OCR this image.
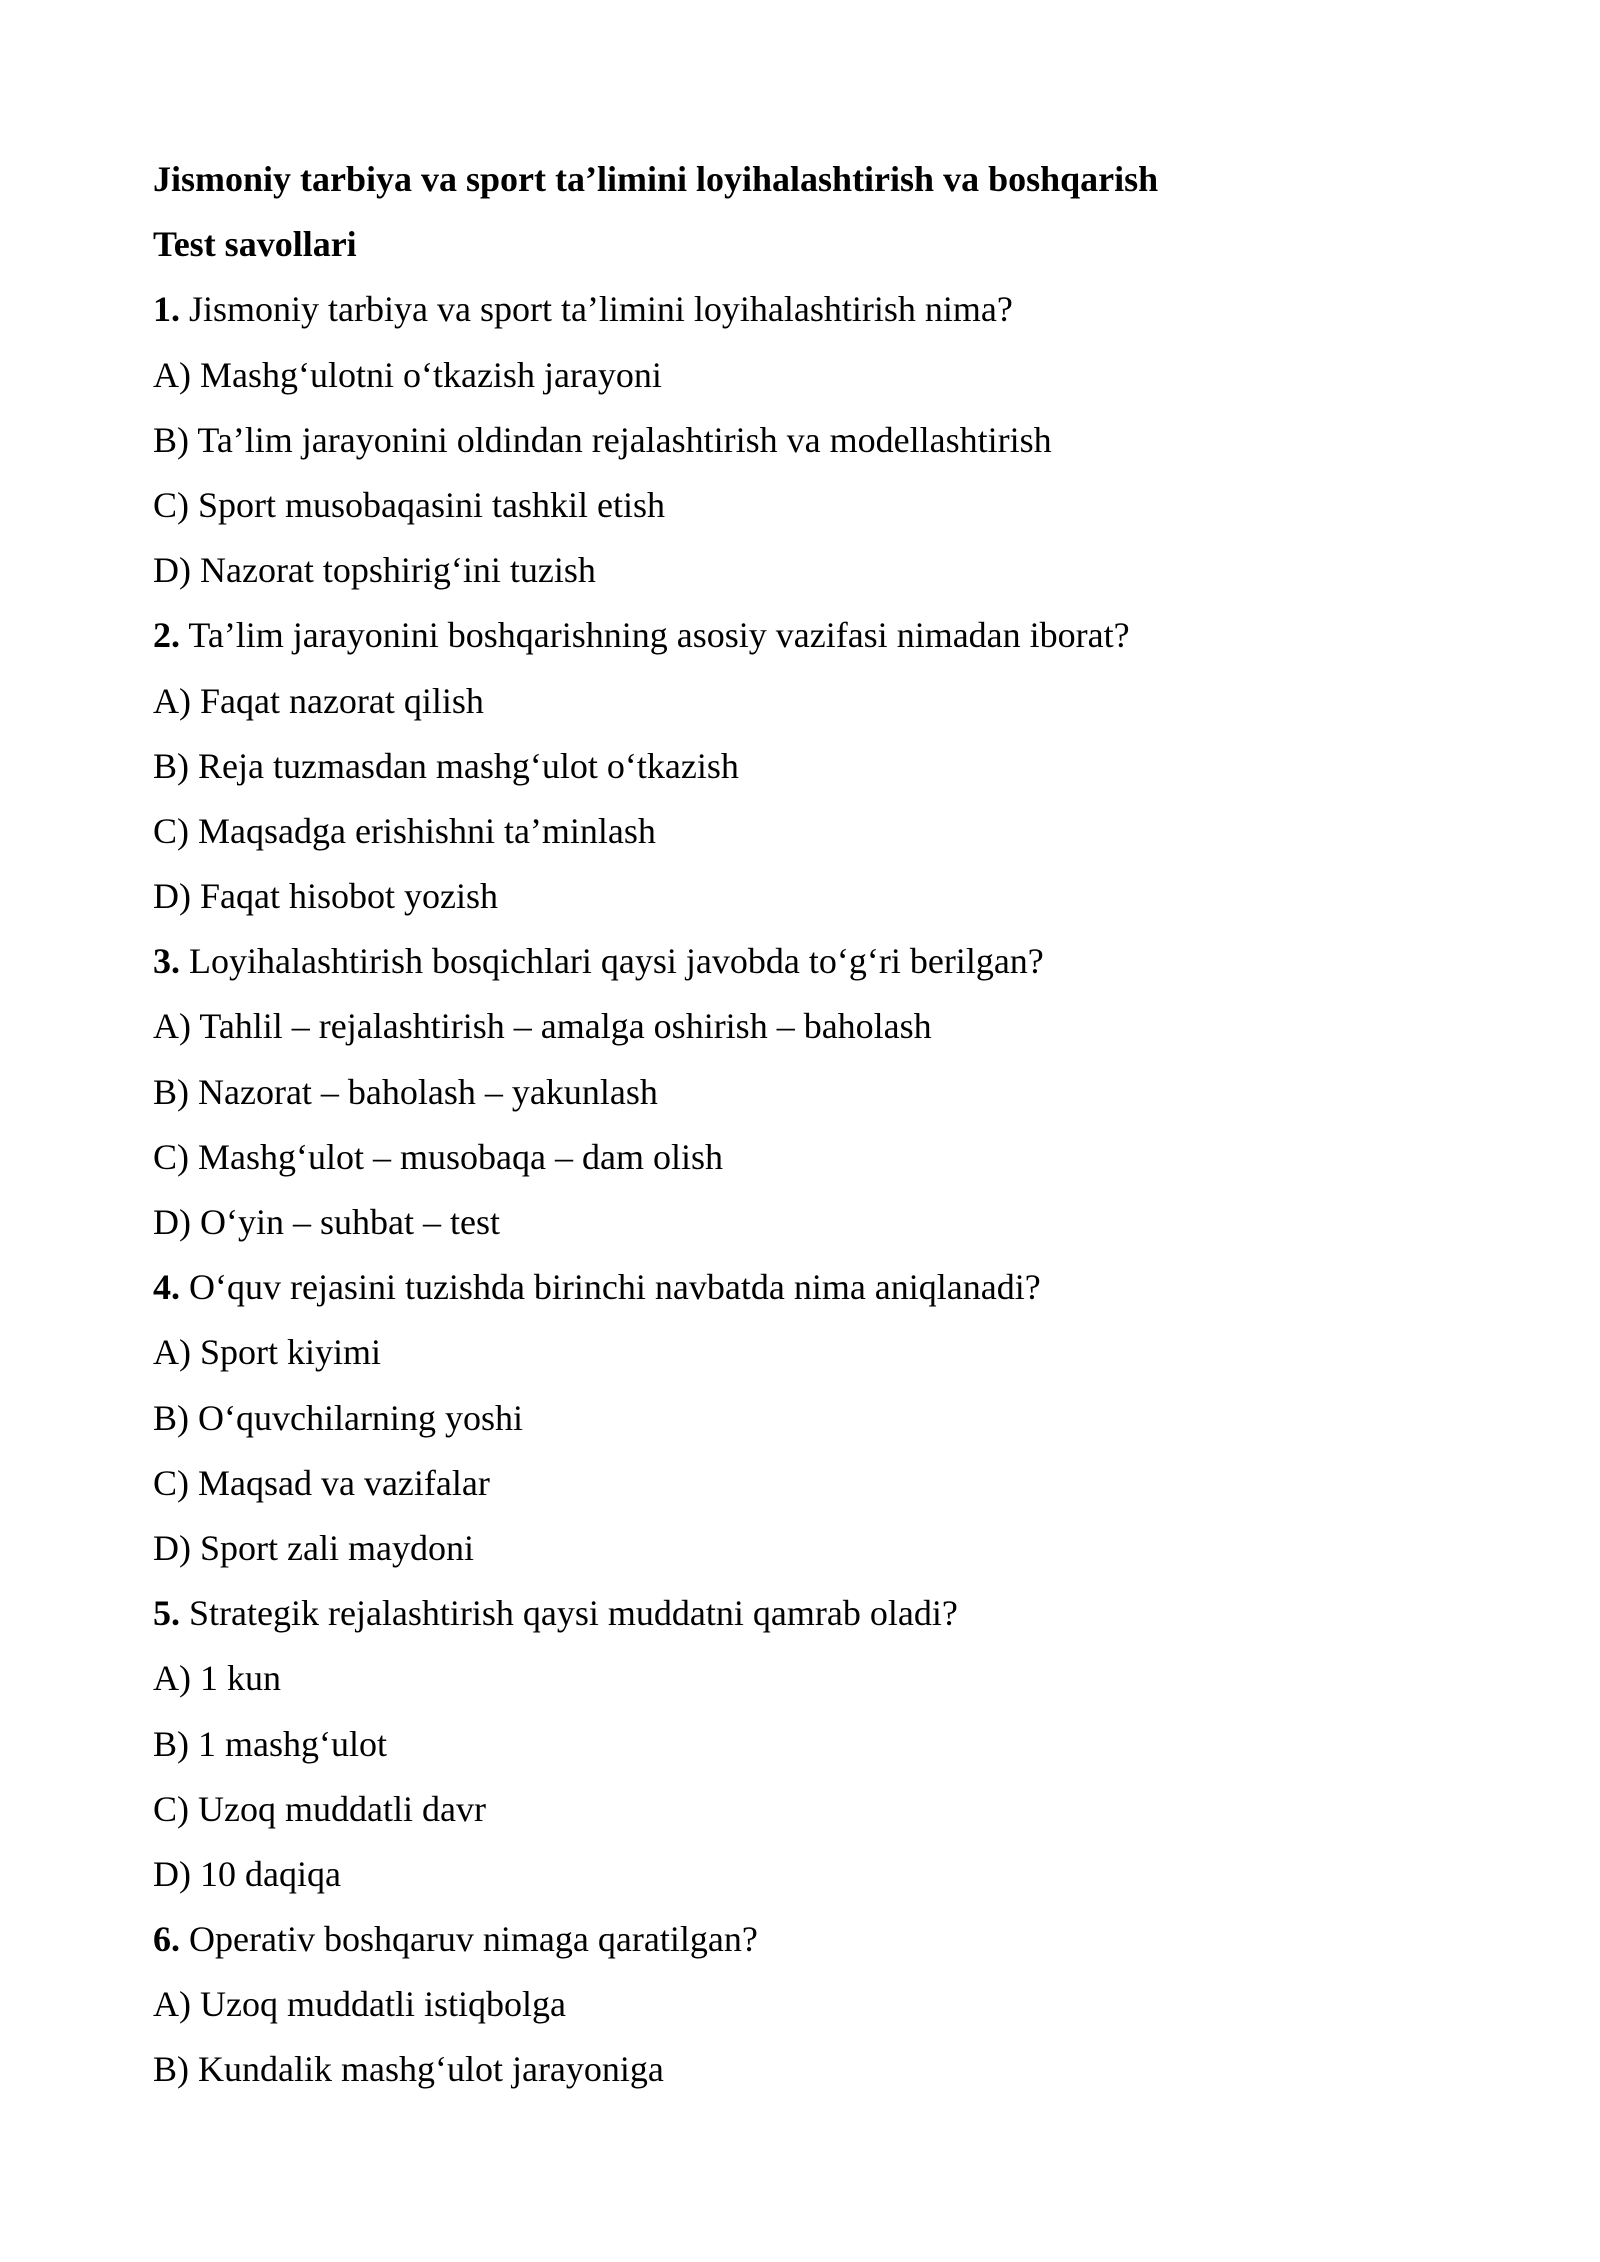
Jismoniy tarbiya va sport ta’limini loyihalashtirish va boshqarish
Test savollari
1. Jismoniy tarbiya va sport ta’limini loyihalashtirish nima?
A) Mashg‘ulotni o‘tkazish jarayoni
B) Ta’lim jarayonini oldindan rejalashtirish va modellashtirish
C) Sport musobaqasini tashkil etish
D) Nazorat topshirig‘ini tuzish
2. Ta’lim jarayonini boshqarishning asosiy vazifasi nimadan iborat?
A) Faqat nazorat qilish
B) Reja tuzmasdan mashg‘ulot o‘tkazish
C) Maqsadga erishishni ta’minlash
D) Faqat hisobot yozish
3. Loyihalashtirish bosqichlari qaysi javobda to‘g‘ri berilgan?
A) Tahlil – rejalashtirish – amalga oshirish – baholash
B) Nazorat – baholash – yakunlash
C) Mashg‘ulot – musobaqa – dam olish
D) O‘yin – suhbat – test
4. O‘quv rejasini tuzishda birinchi navbatda nima aniqlanadi?
A) Sport kiyimi
B) O‘quvchilarning yoshi
C) Maqsad va vazifalar
D) Sport zali maydoni
5. Strategik rejalashtirish qaysi muddatni qamrab oladi?
A) 1 kun
B) 1 mashg‘ulot
C) Uzoq muddatli davr
D) 10 daqiqa
6. Operativ boshqaruv nimaga qaratilgan?
A) Uzoq muddatli istiqbolga
B) Kundalik mashg‘ulot jarayoniga
